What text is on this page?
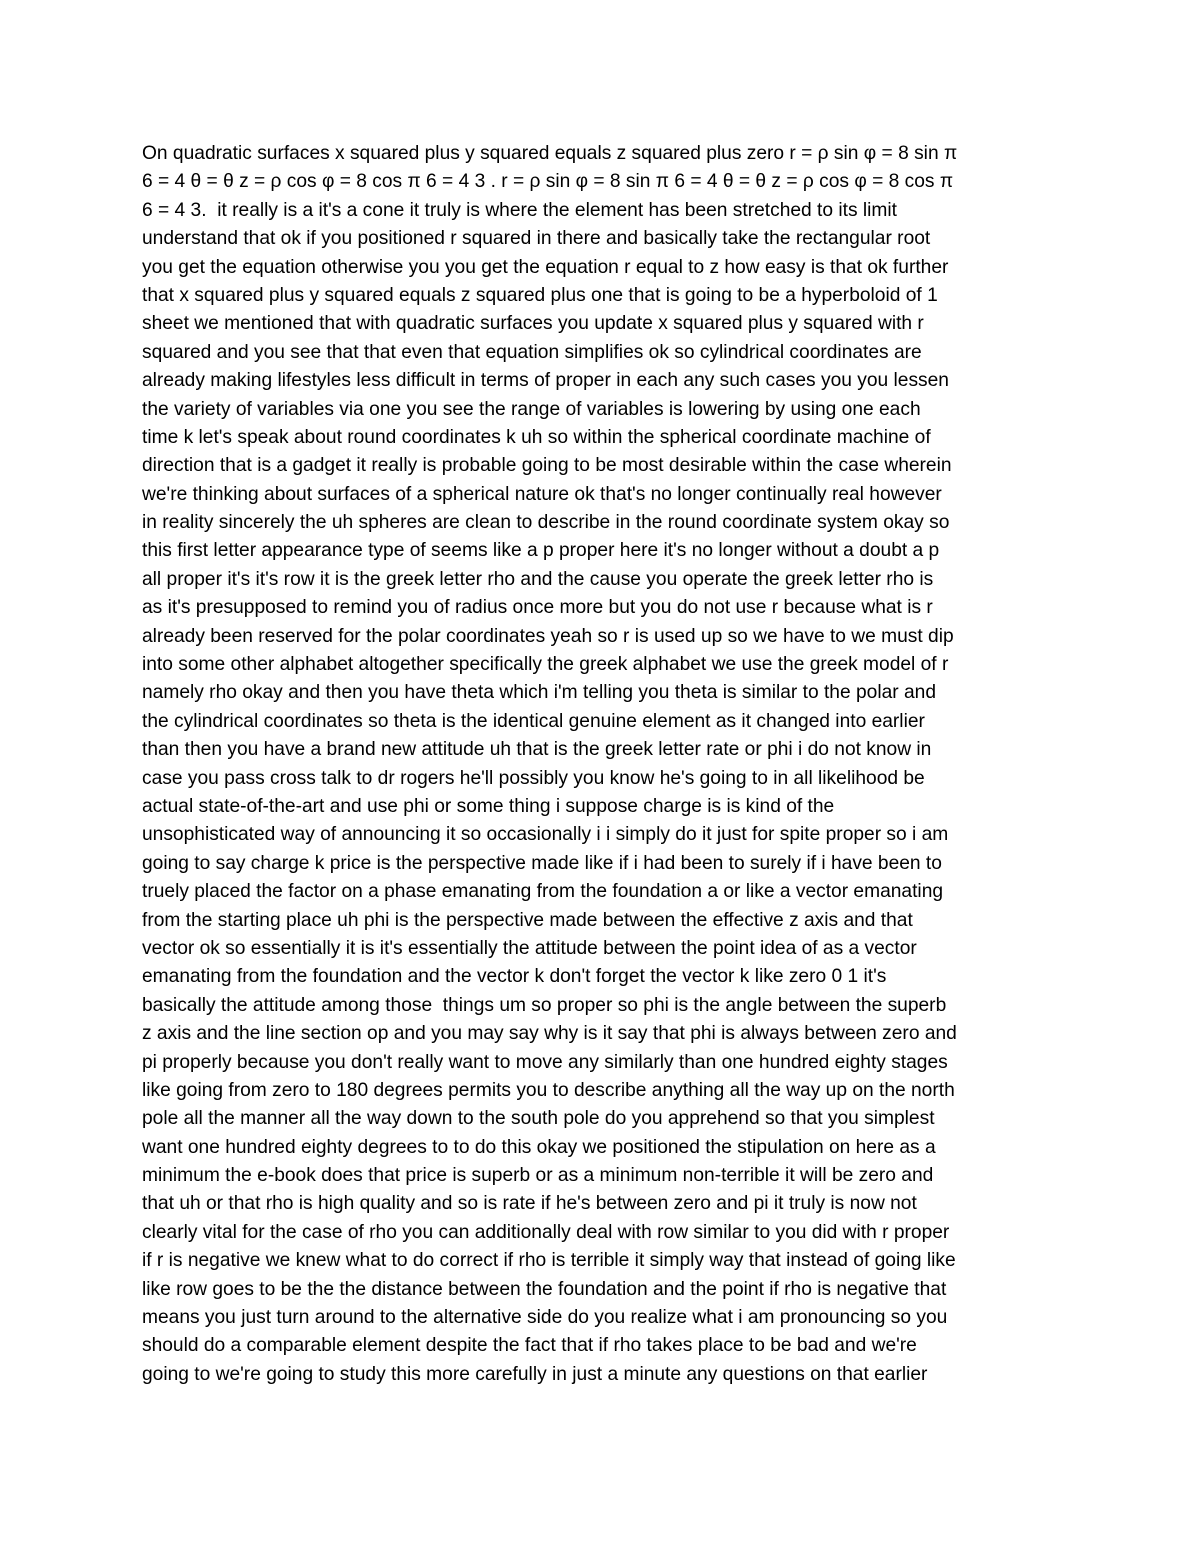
On quadratic surfaces x squared plus y squared equals z squared plus zero r = ρ sin φ = 8 sin π
6 = 4 θ = θ z = ρ cos φ = 8 cos π 6 = 4 3 . r = ρ sin φ = 8 sin π 6 = 4 θ = θ z = ρ cos φ = 8 cos π
6 = 4 3.  it really is a it's a cone it truly is where the element has been stretched to its limit
understand that ok if you positioned r squared in there and basically take the rectangular root
you get the equation otherwise you you get the equation r equal to z how easy is that ok further
that x squared plus y squared equals z squared plus one that is going to be a hyperboloid of 1
sheet we mentioned that with quadratic surfaces you update x squared plus y squared with r
squared and you see that that even that equation simplifies ok so cylindrical coordinates are
already making lifestyles less difficult in terms of proper in each any such cases you you lessen
the variety of variables via one you see the range of variables is lowering by using one each
time k let's speak about round coordinates k uh so within the spherical coordinate machine of
direction that is a gadget it really is probable going to be most desirable within the case wherein
we're thinking about surfaces of a spherical nature ok that's no longer continually real however
in reality sincerely the uh spheres are clean to describe in the round coordinate system okay so
this first letter appearance type of seems like a p proper here it's no longer without a doubt a p
all proper it's it's row it is the greek letter rho and the cause you operate the greek letter rho is
as it's presupposed to remind you of radius once more but you do not use r because what is r
already been reserved for the polar coordinates yeah so r is used up so we have to we must dip
into some other alphabet altogether specifically the greek alphabet we use the greek model of r
namely rho okay and then you have theta which i'm telling you theta is similar to the polar and
the cylindrical coordinates so theta is the identical genuine element as it changed into earlier
than then you have a brand new attitude uh that is the greek letter rate or phi i do not know in
case you pass cross talk to dr rogers he'll possibly you know he's going to in all likelihood be
actual state-of-the-art and use phi or some thing i suppose charge is is kind of the
unsophisticated way of announcing it so occasionally i i simply do it just for spite proper so i am
going to say charge k price is the perspective made like if i had been to surely if i have been to
truely placed the factor on a phase emanating from the foundation a or like a vector emanating
from the starting place uh phi is the perspective made between the effective z axis and that
vector ok so essentially it is it's essentially the attitude between the point idea of as a vector
emanating from the foundation and the vector k don't forget the vector k like zero 0 1 it's
basically the attitude among those  things um so proper so phi is the angle between the superb
z axis and the line section op and you may say why is it say that phi is always between zero and
pi properly because you don't really want to move any similarly than one hundred eighty stages
like going from zero to 180 degrees permits you to describe anything all the way up on the north
pole all the manner all the way down to the south pole do you apprehend so that you simplest
want one hundred eighty degrees to to do this okay we positioned the stipulation on here as a
minimum the e-book does that price is superb or as a minimum non-terrible it will be zero and
that uh or that rho is high quality and so is rate if he's between zero and pi it truly is now not
clearly vital for the case of rho you can additionally deal with row similar to you did with r proper
if r is negative we knew what to do correct if rho is terrible it simply way that instead of going like
like row goes to be the the distance between the foundation and the point if rho is negative that
means you just turn around to the alternative side do you realize what i am pronouncing so you
should do a comparable element despite the fact that if rho takes place to be bad and we're
going to we're going to study this more carefully in just a minute any questions on that earlier
